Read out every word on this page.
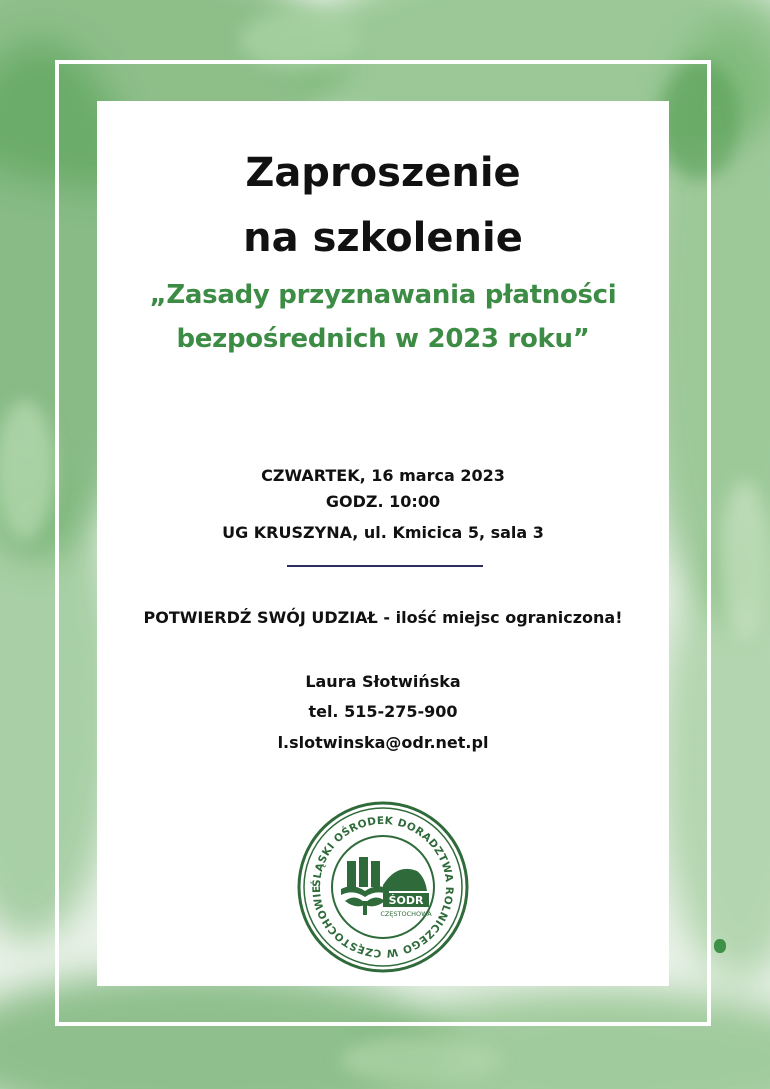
Zaproszenie
na szkolenie
„Zasady przyznawania płatności
bezpośrednich w 2023 roku”
CZWARTEK, 16 marca 2023
GODZ. 10:00
UG KRUSZYNA, ul. Kmicica 5, sala 3
POTWIERDŹ SWÓJ UDZIAŁ - ilość miejsc ograniczona!
Laura Słotwińska
tel. 515-275-900
l.slotwinska@odr.net.pl
ŚLĄSKI OŚRODEK DORADZTWA ROLNICZEGO W CZĘSTOCHOWIE
ŚODR
CZĘSTOCHOWA
